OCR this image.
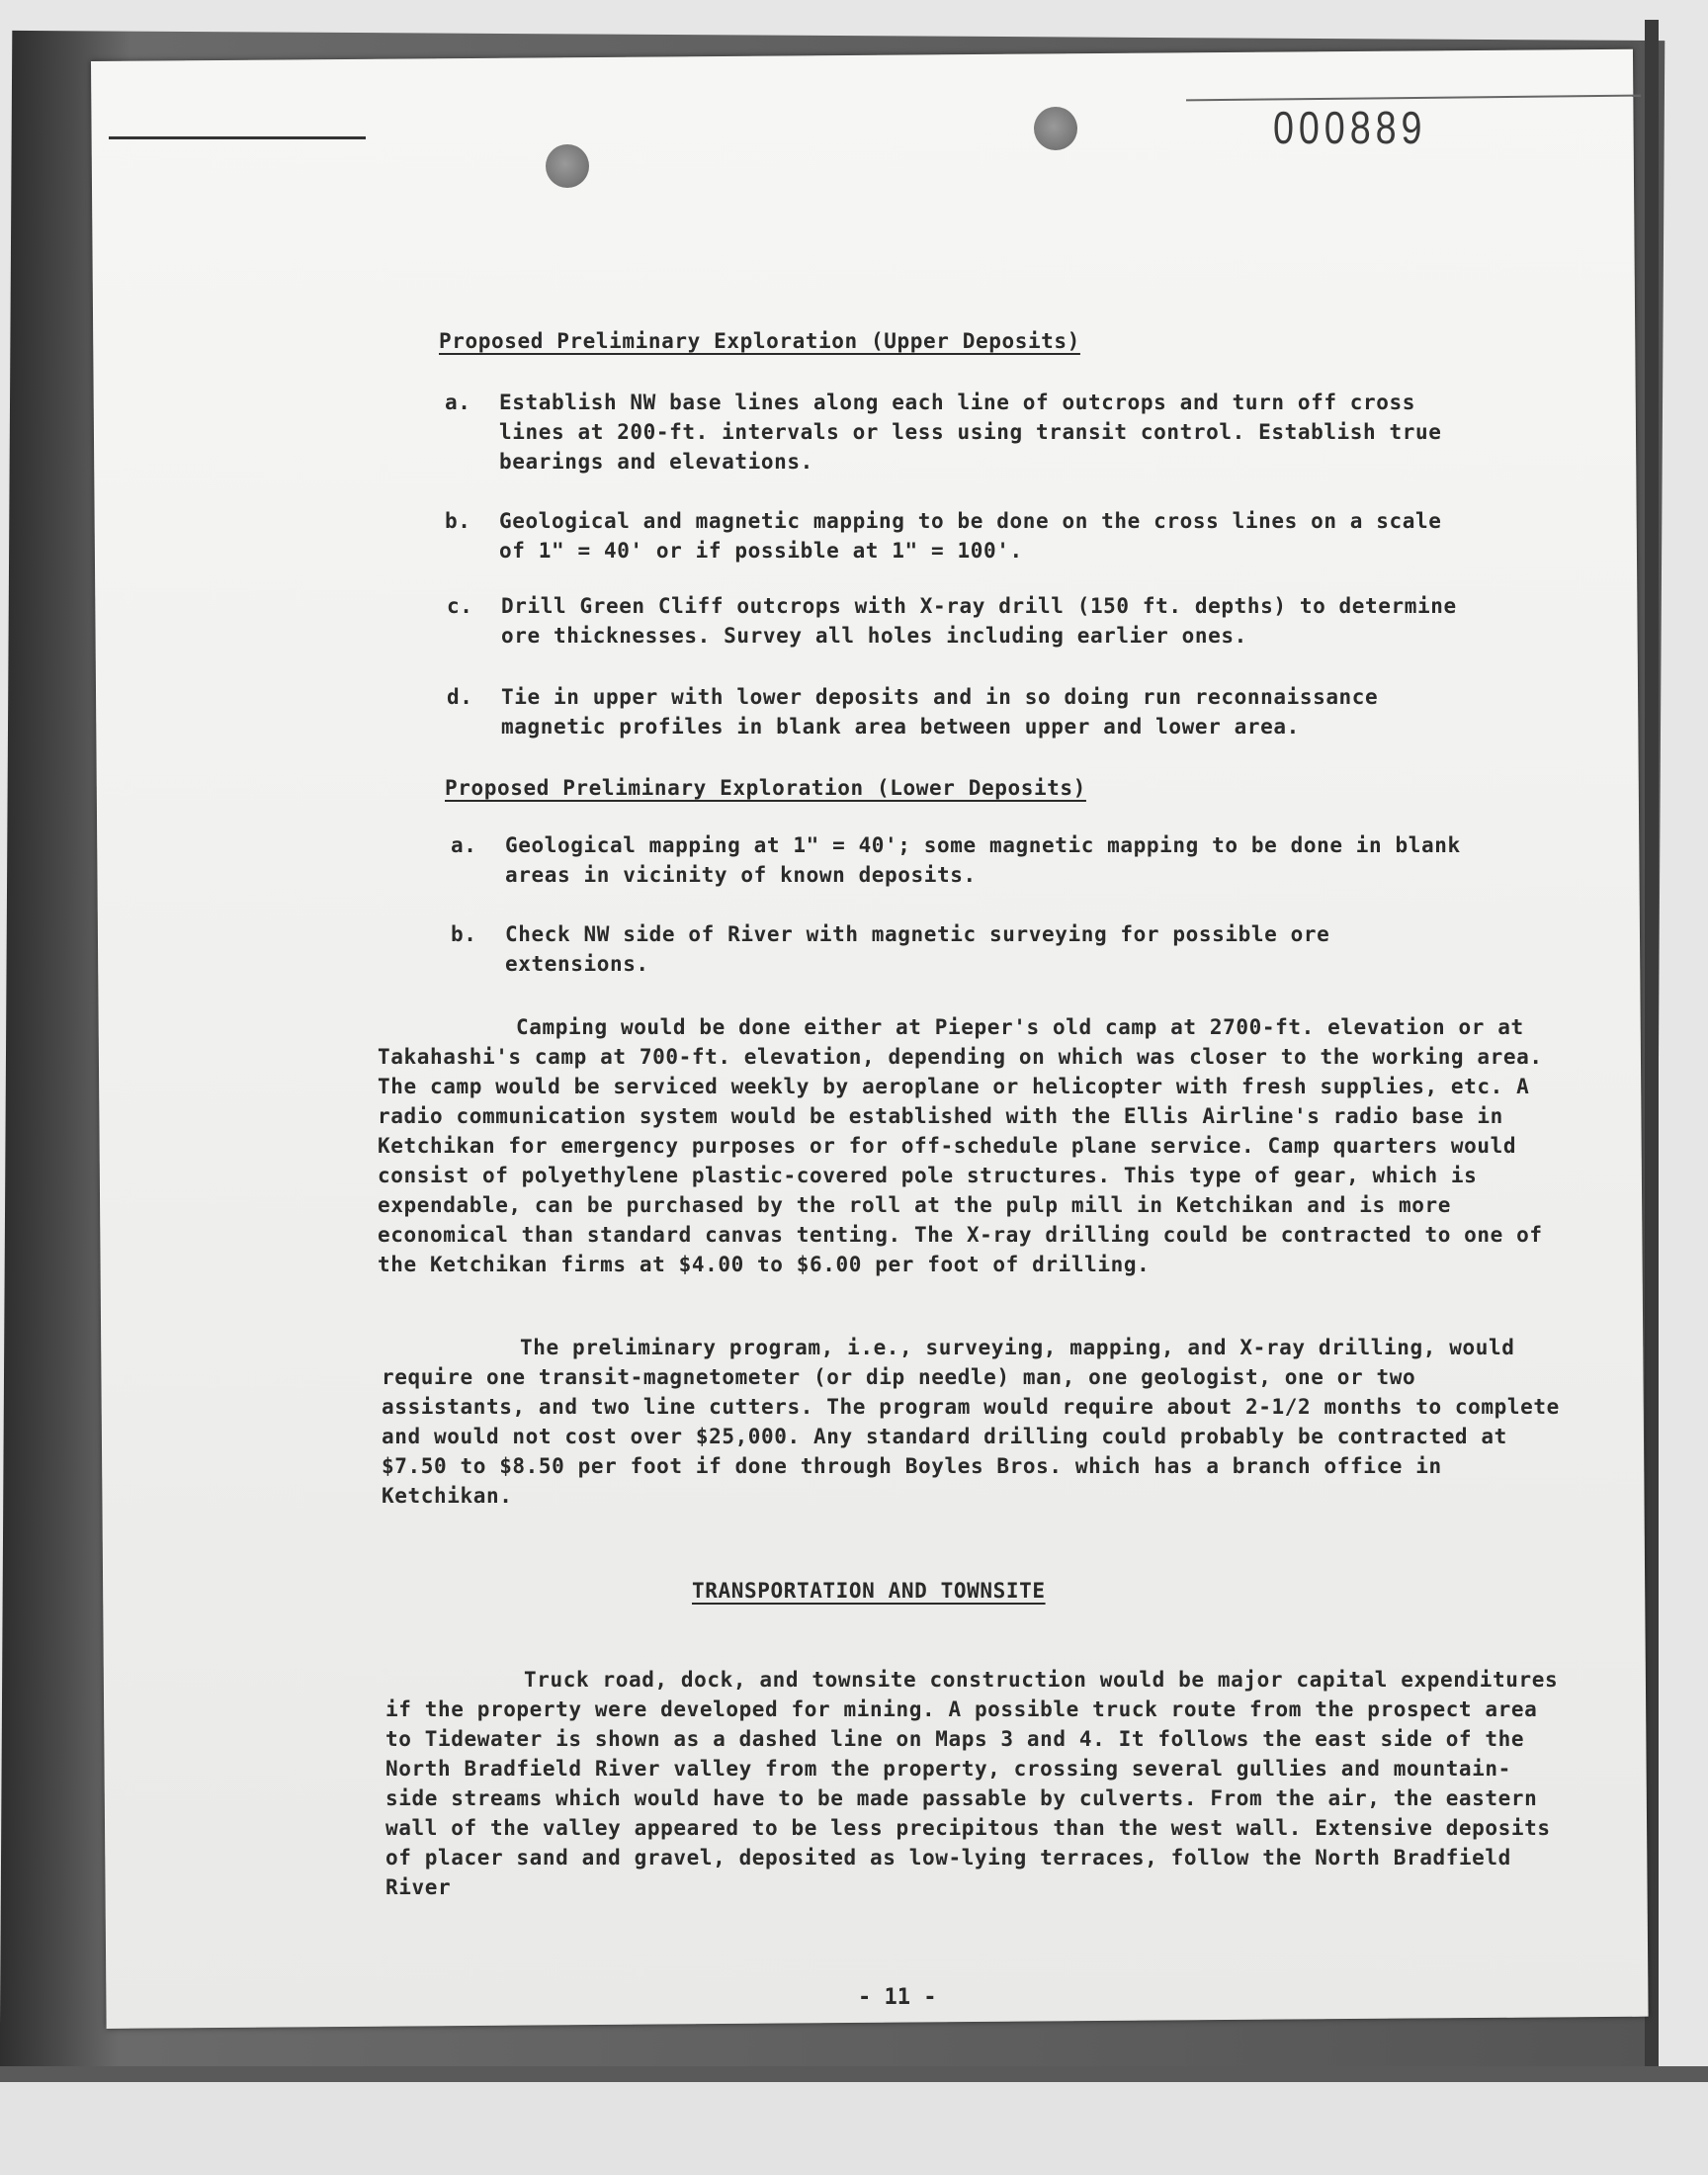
000889
Proposed Preliminary Exploration (Upper Deposits)
a. Establish NW base lines along each line of outcrops and turn off cross lines at 200-ft. intervals or less using transit control. Establish true bearings and elevations.
b. Geological and magnetic mapping to be done on the cross lines on a scale of 1" = 40' or if possible at 1" = 100'.
c. Drill Green Cliff outcrops with X-ray drill (150 ft. depths) to determine ore thicknesses. Survey all holes including earlier ones.
d. Tie in upper with lower deposits and in so doing run reconnaissance magnetic profiles in blank area between upper and lower area.
Proposed Preliminary Exploration (Lower Deposits)
a. Geological mapping at 1" = 40'; some magnetic mapping to be done in blank areas in vicinity of known deposits.
b. Check NW side of River with magnetic surveying for possible ore extensions.

Camping would be done either at Pieper's old camp at 2700-ft. elevation or at Takahashi's camp at 700-ft. elevation, depending on which was closer to the working area. The camp would be serviced weekly by aeroplane or helicopter with fresh supplies, etc. A radio communication system would be established with the Ellis Airline's radio base in Ketchikan for emergency purposes or for off-schedule plane service. Camp quarters would consist of polyethylene plastic-covered pole structures. This type of gear, which is expendable, can be purchased by the roll at the pulp mill in Ketchikan and is more economical than standard canvas tenting. The X-ray drilling could be contracted to one of the Ketchikan firms at $4.00 to $6.00 per foot of drilling.

The preliminary program, i.e., surveying, mapping, and X-ray drilling, would require one transit-magnetometer (or dip needle) man, one geologist, one or two assistants, and two line cutters. The program would require about 2-1/2 months to complete and would not cost over $25,000. Any standard drilling could probably be contracted at $7.50 to $8.50 per foot if done through Boyles Bros. which has a branch office in Ketchikan.

TRANSPORTATION AND TOWNSITE

Truck road, dock, and townsite construction would be major capital expenditures if the property were developed for mining. A possible truck route from the prospect area to Tidewater is shown as a dashed line on Maps 3 and 4. It follows the east side of the North Bradfield River valley from the property, crossing several gullies and mountain-side streams which would have to be made passable by culverts. From the air, the eastern wall of the valley appeared to be less precipitous than the west wall. Extensive deposits of placer sand and gravel, deposited as low-lying terraces, follow the North Bradfield River

- 11 -
